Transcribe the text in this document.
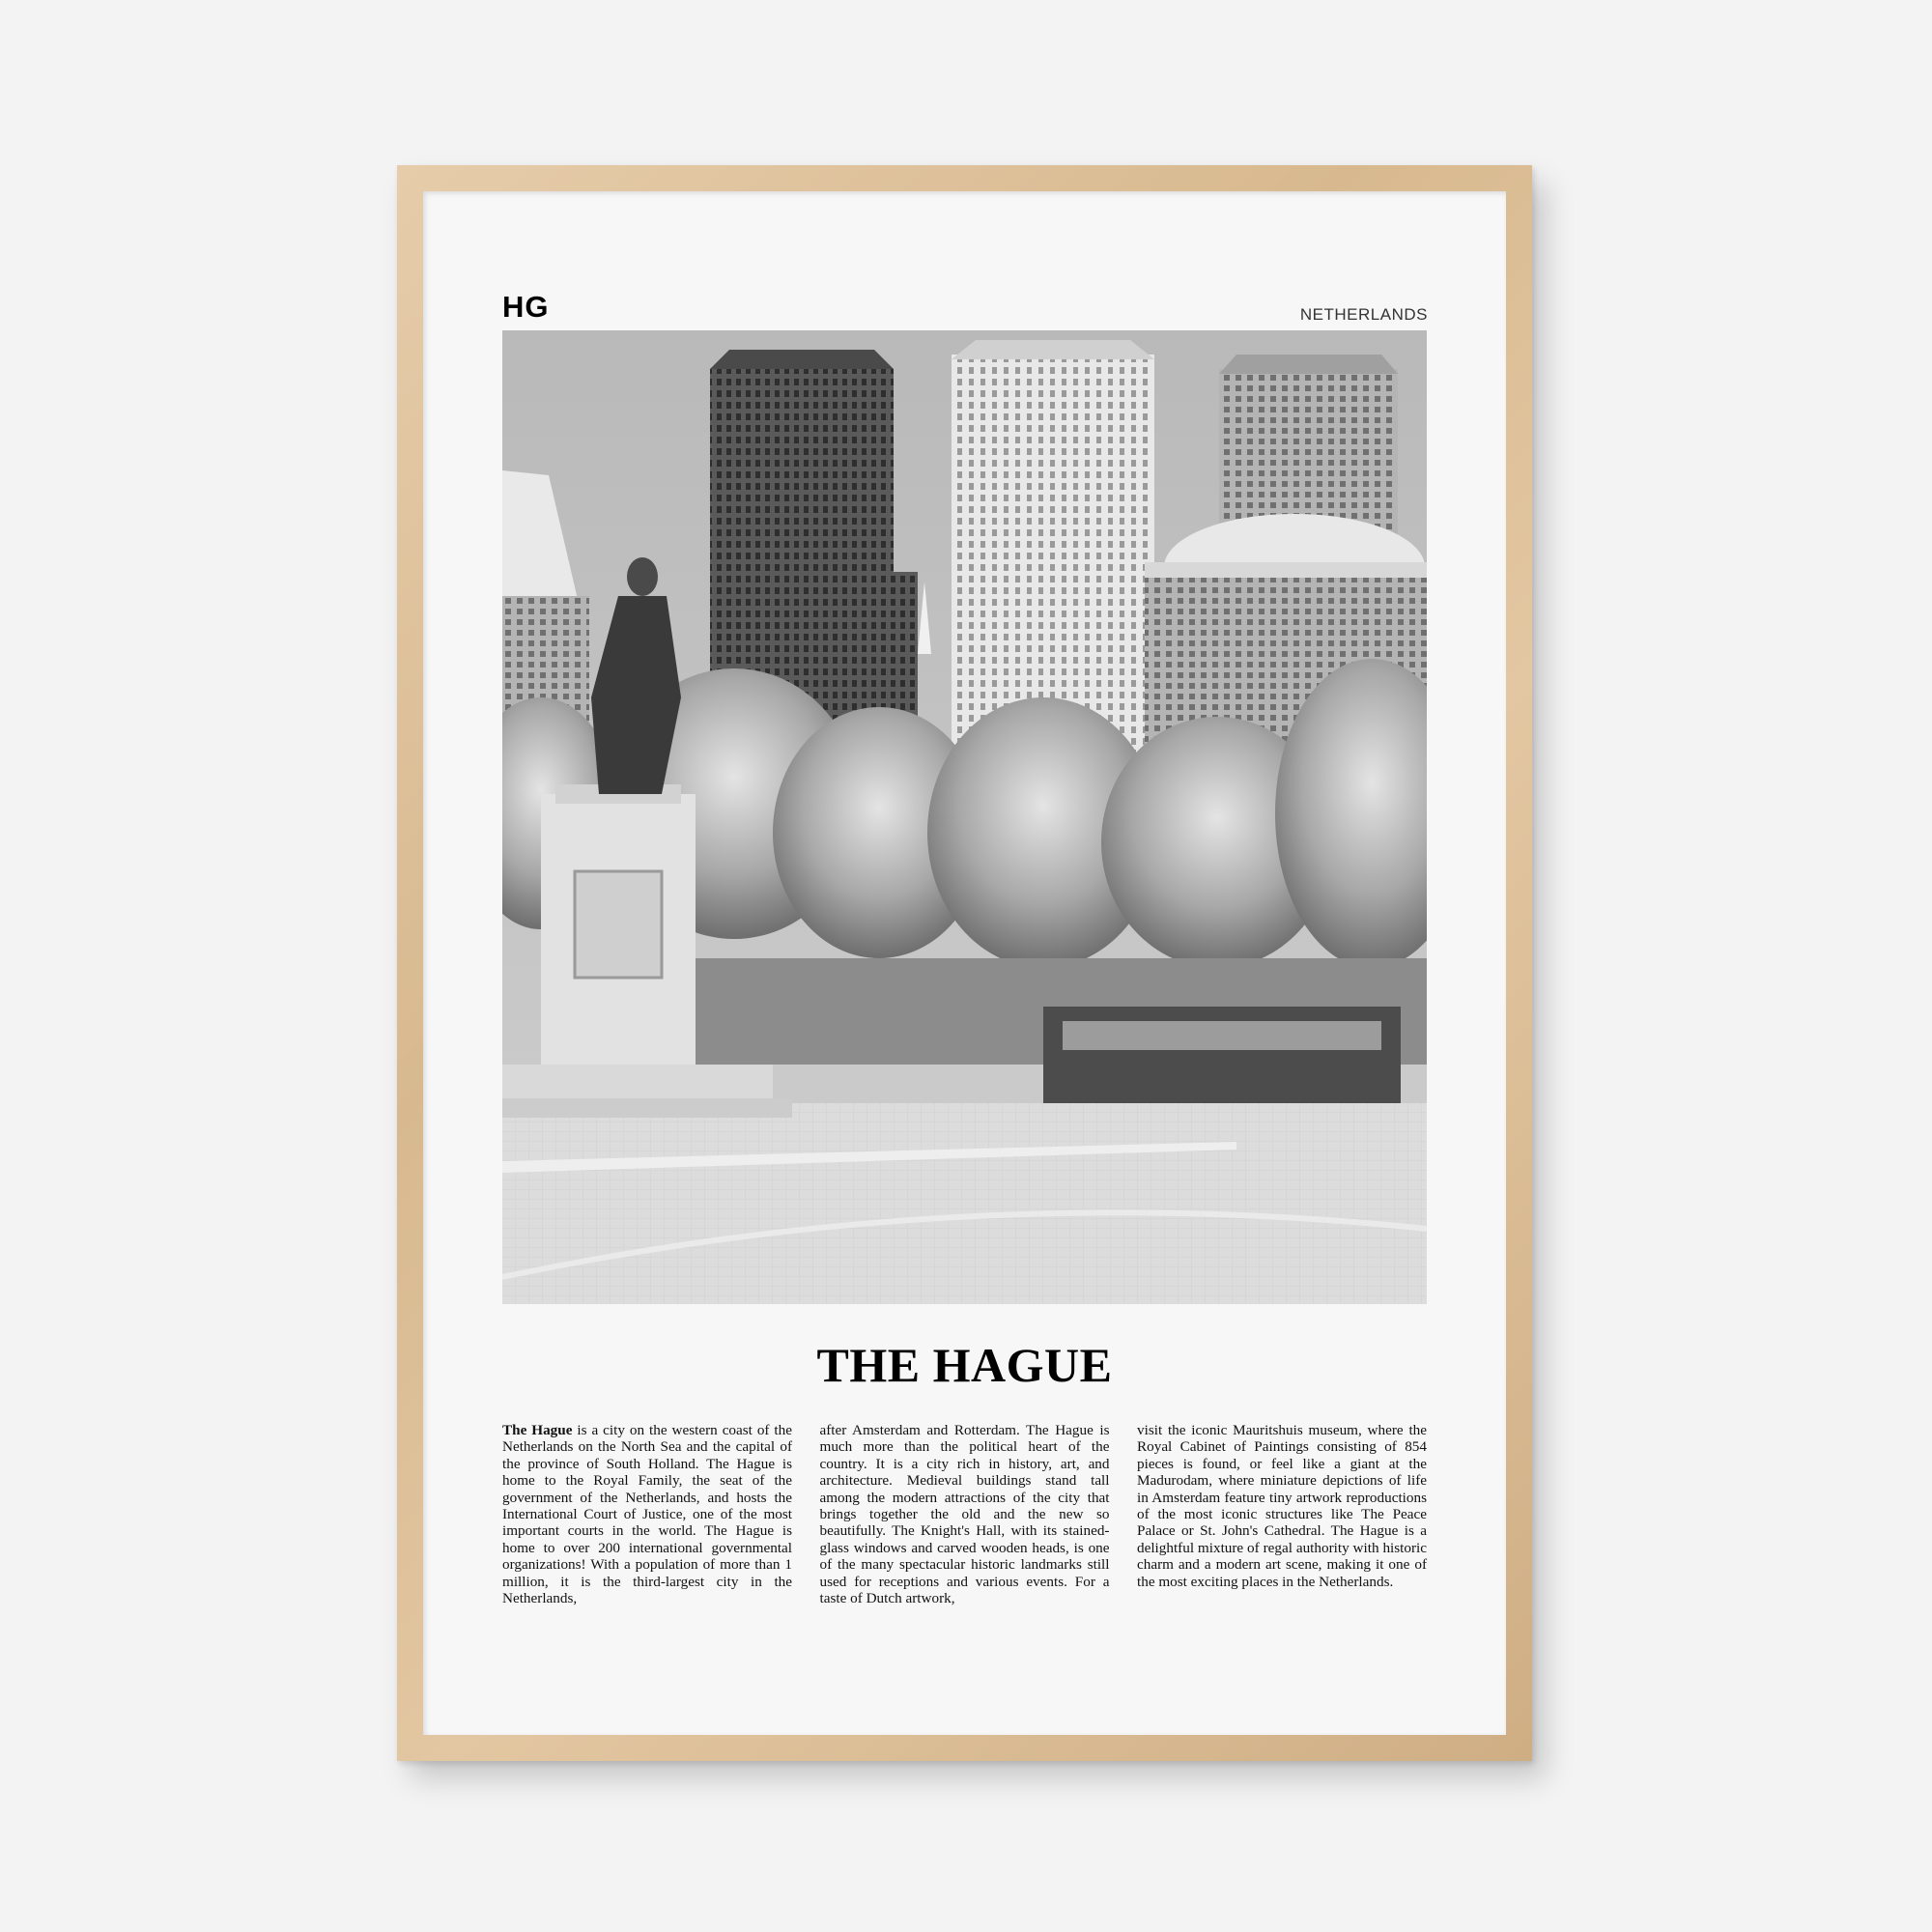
HG	NETHERLANDS
THE HAGUE
The Hague is a city on the western coast of the Netherlands on the North Sea and the capital of the province of South Holland. The Hague is home to the Royal Family, the seat of the government of the Netherlands, and hosts the International Court of Justice, one of the most important courts in the world. The Hague is home to over 200 international governmental organizations! With a population of more than 1 million, it is the third-largest city in the Netherlands,
after Amsterdam and Rotterdam. The Hague is much more than the political heart of the country. It is a city rich in history, art, and architecture. Medieval buildings stand tall among the modern attractions of the city that brings together the old and the new so beautifully. The Knight's Hall, with its stained-glass windows and carved wooden heads, is one of the many spectacular historic landmarks still used for receptions and various events. For a taste of Dutch artwork,
visit the iconic Mauritshuis museum, where the Royal Cabinet of Paintings consisting of 854 pieces is found, or feel like a giant at the Madurodam, where miniature depictions of life in Amsterdam feature tiny artwork reproductions of the most iconic structures like The Peace Palace or St. John's Cathedral. The Hague is a delightful mixture of regal authority with historic charm and a modern art scene, making it one of the most exciting places in the Netherlands.
